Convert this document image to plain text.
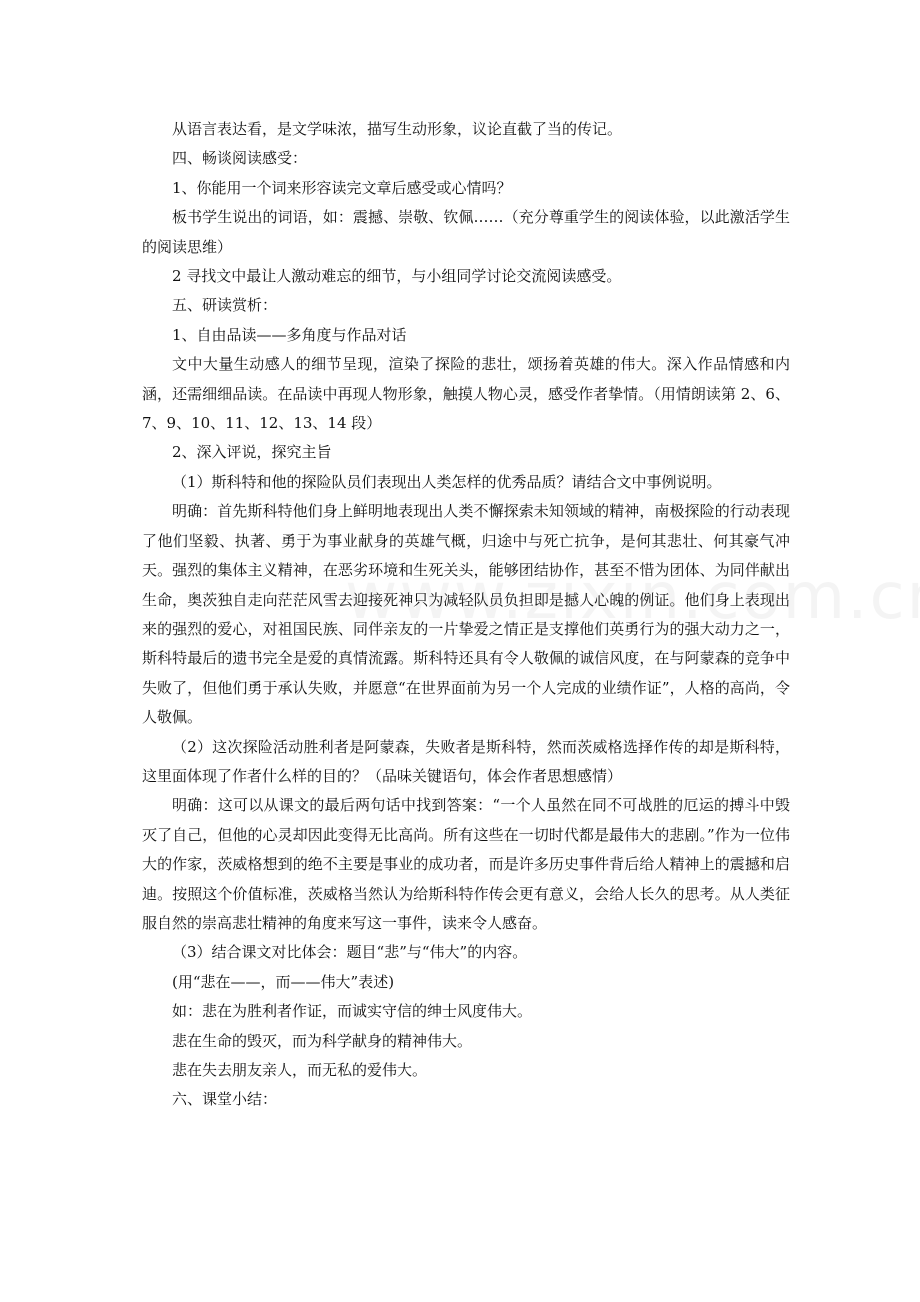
从语言表达看，是文学味浓，描写生动形象，议论直截了当的传记。

四、畅谈阅读感受：

1、你能用一个词来形容读完文章后感受或心情吗？

板书学生说出的词语，如：震撼、崇敬、钦佩……（充分尊重学生的阅读体验，以此激活学生的阅读思维）

2 寻找文中最让人激动难忘的细节，与小组同学讨论交流阅读感受。

五、研读赏析：

1、自由品读——多角度与作品对话

文中大量生动感人的细节呈现，渲染了探险的悲壮，颂扬着英雄的伟大。深入作品情感和内涵，还需细细品读。在品读中再现人物形象，触摸人物心灵，感受作者挚情。（用情朗读第 2、6、7、9、10、11、12、13、14 段）

2、深入评说，探究主旨

（1）斯科特和他的探险队员们表现出人类怎样的优秀品质？请结合文中事例说明。

明确：首先斯科特他们身上鲜明地表现出人类不懈探索未知领域的精神，南极探险的行动表现了他们坚毅、执著、勇于为事业献身的英雄气概，归途中与死亡抗争，是何其悲壮、何其豪气冲天。强烈的集体主义精神，在恶劣环境和生死关头，能够团结协作，甚至不惜为团体、为同伴献出生命，奥茨独自走向茫茫风雪去迎接死神只为减轻队员负担即是撼人心魄的例证。他们身上表现出来的强烈的爱心，对祖国民族、同伴亲友的一片挚爱之情正是支撑他们英勇行为的强大动力之一，斯科特最后的遗书完全是爱的真情流露。斯科特还具有令人敬佩的诚信风度，在与阿蒙森的竞争中失败了，但他们勇于承认失败，并愿意“在世界面前为另一个人完成的业绩作证”，人格的高尚，令人敬佩。

（2）这次探险活动胜利者是阿蒙森，失败者是斯科特，然而茨威格选择作传的却是斯科特，这里面体现了作者什么样的目的？（品味关键语句，体会作者思想感情）

明确：这可以从课文的最后两句话中找到答案：“一个人虽然在同不可战胜的厄运的搏斗中毁灭了自己，但他的心灵却因此变得无比高尚。所有这些在一切时代都是最伟大的悲剧。”作为一位伟大的作家，茨威格想到的绝不主要是事业的成功者，而是许多历史事件背后给人精神上的震撼和启迪。按照这个价值标准，茨威格当然认为给斯科特作传会更有意义，会给人长久的思考。从人类征服自然的崇高悲壮精神的角度来写这一事件，读来令人感奋。

（3）结合课文对比体会：题目“悲”与“伟大”的内容。

(用“悲在——，而——伟大”表述)

如：悲在为胜利者作证，而诚实守信的绅士风度伟大。

悲在生命的毁灭，而为科学献身的精神伟大。

悲在失去朋友亲人，而无私的爱伟大。

六、课堂小结：
